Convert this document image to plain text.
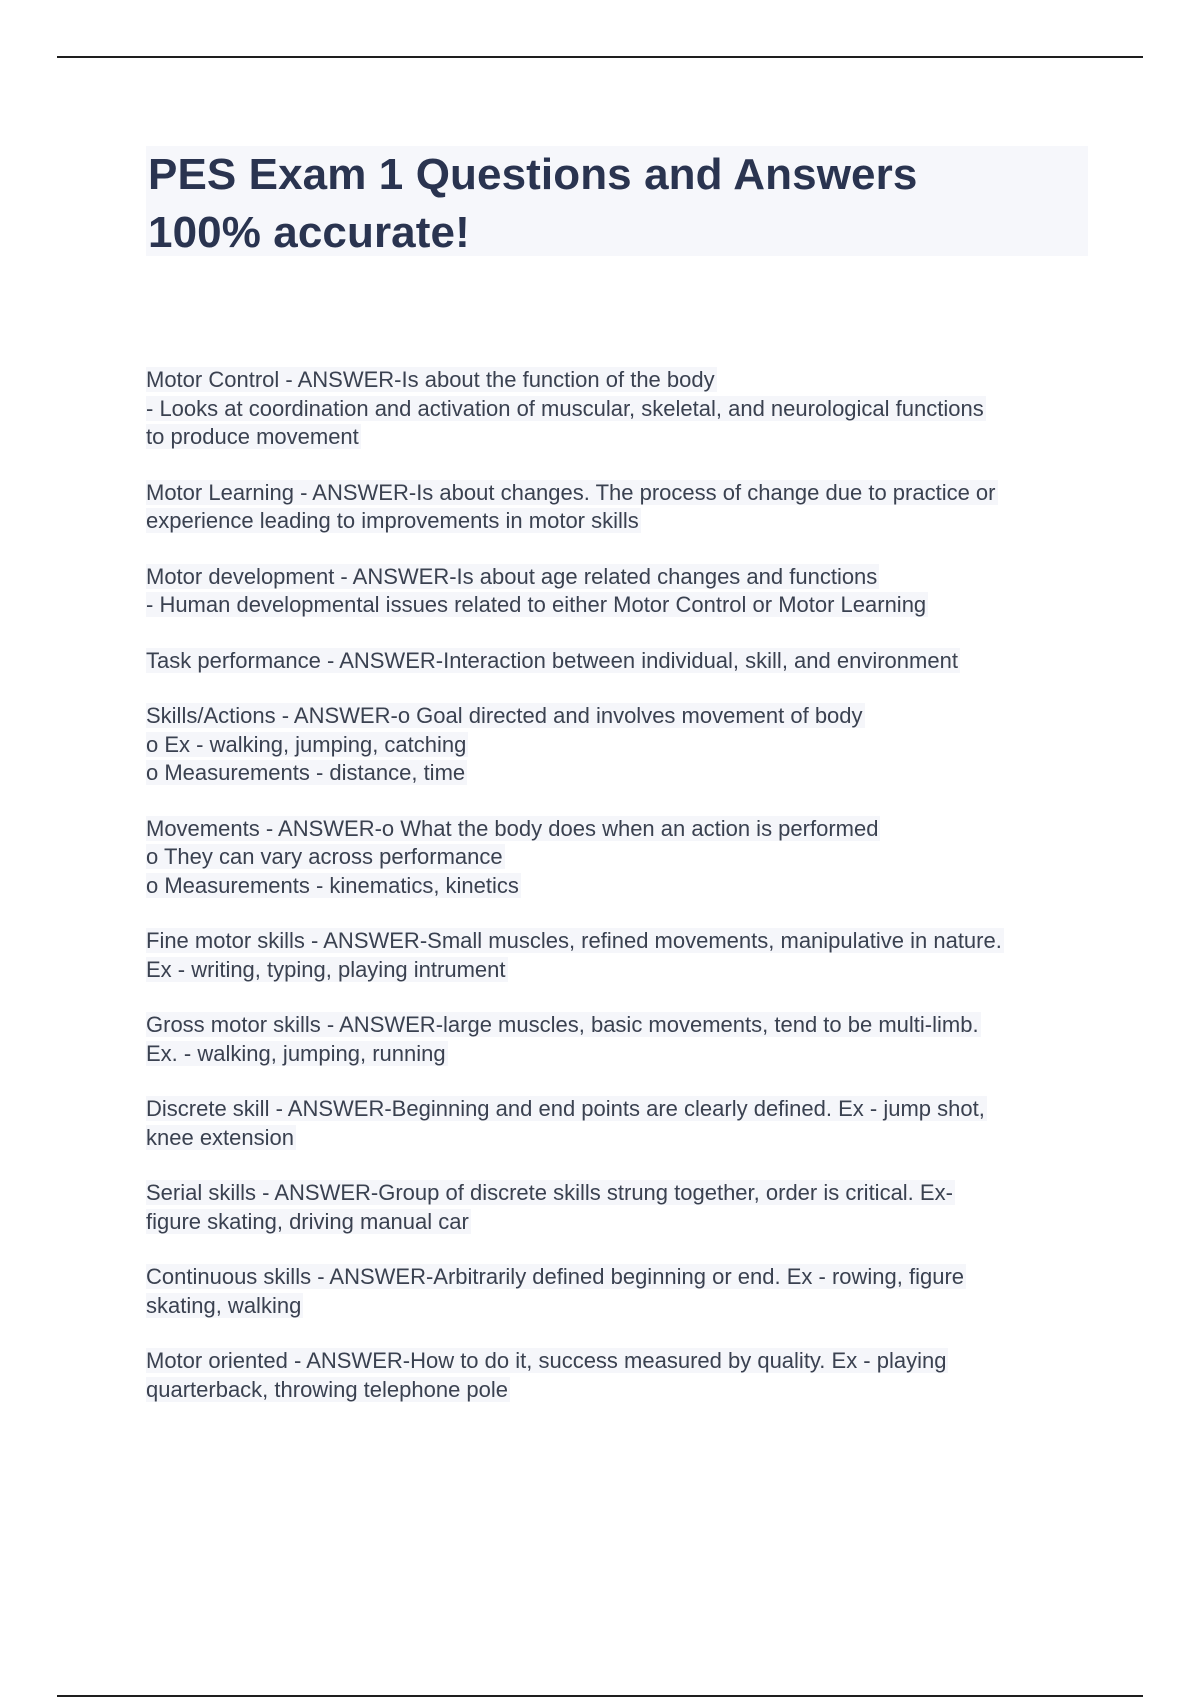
PES Exam 1 Questions and Answers
100% accurate!
Motor Control - ANSWER-Is about the function of the body
- Looks at coordination and activation of muscular, skeletal, and neurological functions
to produce movement
Motor Learning - ANSWER-Is about changes. The process of change due to practice or
experience leading to improvements in motor skills
Motor development - ANSWER-Is about age related changes and functions
- Human developmental issues related to either Motor Control or Motor Learning
Task performance - ANSWER-Interaction between individual, skill, and environment
Skills/Actions - ANSWER-o Goal directed and involves movement of body
o Ex - walking, jumping, catching
o Measurements - distance, time
Movements - ANSWER-o What the body does when an action is performed
o They can vary across performance
o Measurements - kinematics, kinetics
Fine motor skills - ANSWER-Small muscles, refined movements, manipulative in nature.
Ex - writing, typing, playing intrument
Gross motor skills - ANSWER-large muscles, basic movements, tend to be multi-limb.
Ex. - walking, jumping, running
Discrete skill - ANSWER-Beginning and end points are clearly defined. Ex - jump shot,
knee extension
Serial skills - ANSWER-Group of discrete skills strung together, order is critical. Ex-
figure skating, driving manual car
Continuous skills - ANSWER-Arbitrarily defined beginning or end. Ex - rowing, figure
skating, walking
Motor oriented - ANSWER-How to do it, success measured by quality. Ex - playing
quarterback, throwing telephone pole
